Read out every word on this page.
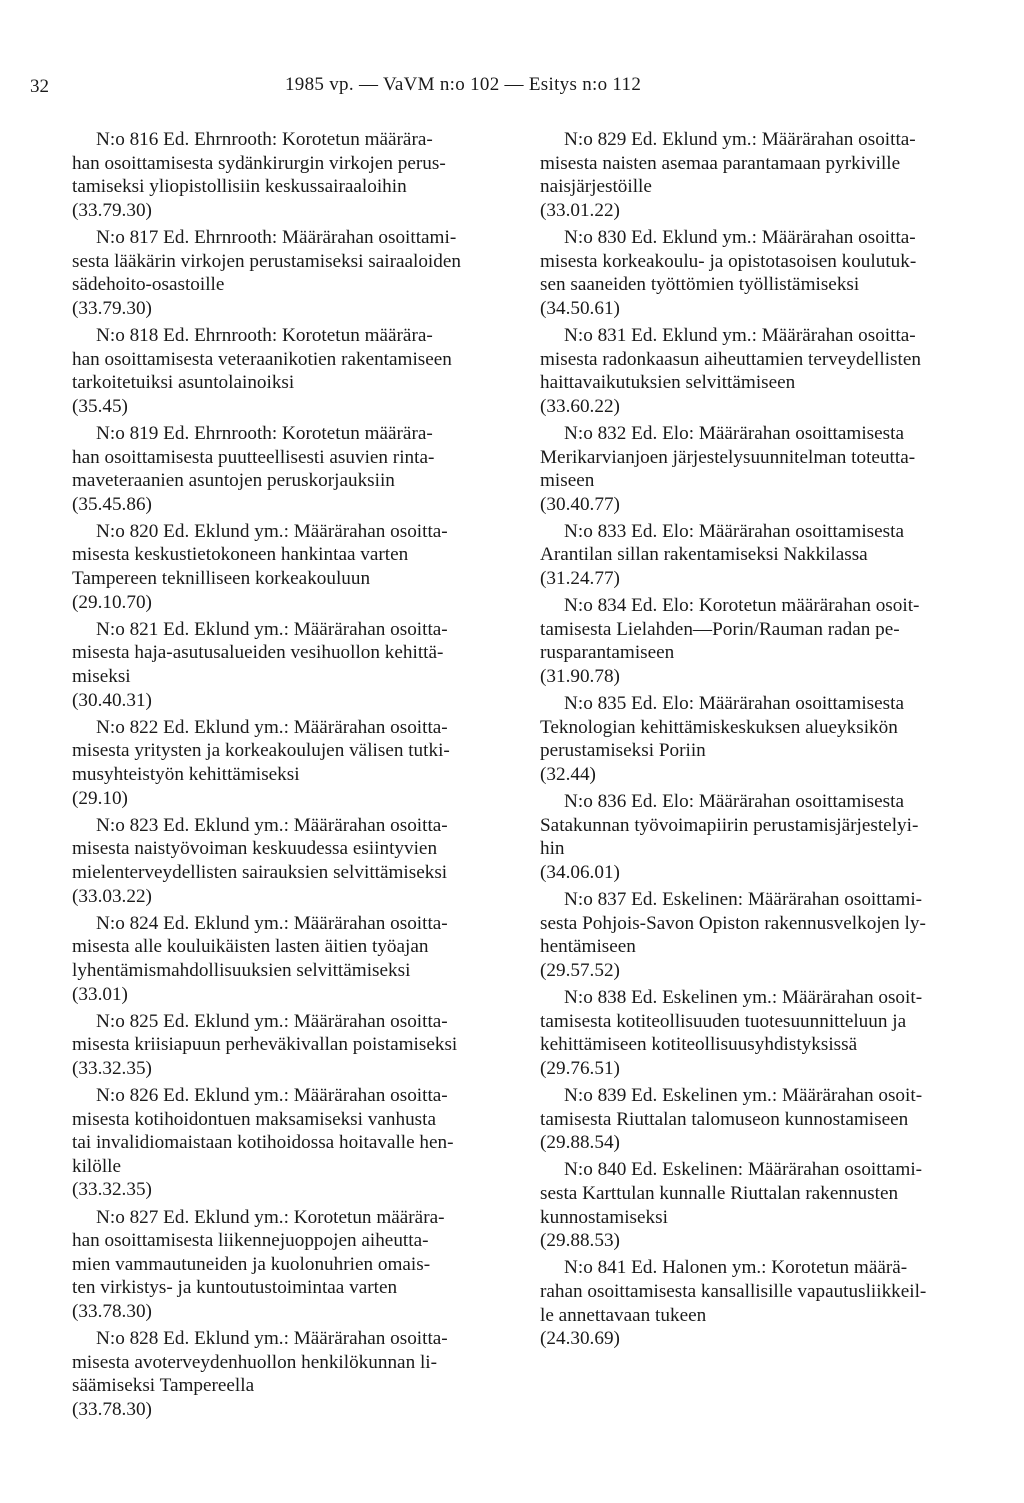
32	1985 vp. — VaVM n:o 102 — Esitys n:o 112

N:o 816 Ed. Ehrnrooth: Korotetun määrära-
han osoittamisesta sydänkirurgin virkojen perus-
tamiseksi yliopistollisiin keskussairaaloihin

(33.79.30)

N:o 817 Ed. Ehrnrooth: Määrärahan osoittami-
sesta lääkärin virkojen perustamiseksi sairaaloiden
sädehoito-osastoille

(33.79.30)

N:o 818 Ed. Ehrnrooth: Korotetun määrära-
han osoittamisesta veteraanikotien rakentamiseen
tarkoitetuiksi asuntolainoiksi

(35.45)

N:o 819 Ed. Ehrnrooth: Korotetun määrära-
han osoittamisesta puutteellisesti asuvien rinta-
maveteraanien asuntojen peruskorjauksiin

(35.45.86)

N:o 820 Ed. Eklund ym.: Määrärahan osoitta-
misesta keskustietokoneen hankintaa varten
Tampereen teknilliseen korkeakouluun

(29.10.70)

N:o 821 Ed. Eklund ym.: Määrärahan osoitta-
misesta haja-asutusalueiden vesihuollon kehittä-
miseksi

(30.40.31)

N:o 822 Ed. Eklund ym.: Määrärahan osoitta-
misesta yritysten ja korkeakoulujen välisen tutki-
musyhteistyön kehittämiseksi

(29.10)

N:o 823 Ed. Eklund ym.: Määrärahan osoitta-
misesta naistyövoiman keskuudessa esiintyvien
mielenterveydellisten sairauksien selvittämiseksi

(33.03.22)

N:o 824 Ed. Eklund ym.: Määrärahan osoitta-
misesta alle kouluikäisten lasten äitien työajan
lyhentämismahdollisuuksien selvittämiseksi

(33.01)

N:o 825 Ed. Eklund ym.: Määrärahan osoitta-
misesta kriisiapuun perheväkivallan poistamiseksi

(33.32.35)

N:o 826 Ed. Eklund ym.: Määrärahan osoitta-
misesta kotihoidontuen maksamiseksi vanhusta
tai invalidiomaistaan kotihoidossa hoitavalle hen-
kilölle

(33.32.35)

N:o 827 Ed. Eklund ym.: Korotetun määrära-
han osoittamisesta liikennejuoppojen aiheutta-
mien vammautuneiden ja kuolonuhrien omais-
ten virkistys- ja kuntoutustoimintaa varten

(33.78.30)

N:o 828 Ed. Eklund ym.: Määrärahan osoitta-
misesta avoterveydenhuollon henkilökunnan li-
säämiseksi Tampereella

(33.78.30)

N:o 829 Ed. Eklund ym.: Määrärahan osoitta-
misesta naisten asemaa parantamaan pyrkiville
naisjärjestöille

(33.01.22)

N:o 830 Ed. Eklund ym.: Määrärahan osoitta-
misesta korkeakoulu- ja opistotasoisen koulutuk-
sen saaneiden työttömien työllistämiseksi

(34.50.61)

N:o 831 Ed. Eklund ym.: Määrärahan osoitta-
misesta radonkaasun aiheuttamien terveydellisten
haittavaikutuksien selvittämiseen

(33.60.22)

N:o 832 Ed. Elo: Määrärahan osoittamisesta
Merikarvianjoen järjestelysuunnitelman toteutta-
miseen

(30.40.77)

N:o 833 Ed. Elo: Määrärahan osoittamisesta
Arantilan sillan rakentamiseksi Nakkilassa

(31.24.77)

N:o 834 Ed. Elo: Korotetun määrärahan osoit-
tamisesta Lielahden—Porin/Rauman radan pe-
rusparantamiseen

(31.90.78)

N:o 835 Ed. Elo: Määrärahan osoittamisesta
Teknologian kehittämiskeskuksen alueyksikön
perustamiseksi Poriin

(32.44)

N:o 836 Ed. Elo: Määrärahan osoittamisesta
Satakunnan työvoimapiirin perustamisjärjestelyi-
hin

(34.06.01)

N:o 837 Ed. Eskelinen: Määrärahan osoittami-
sesta Pohjois-Savon Opiston rakennusvelkojen ly-
hentämiseen

(29.57.52)

N:o 838 Ed. Eskelinen ym.: Määrärahan osoit-
tamisesta kotiteollisuuden tuotesuunnitteluun ja
kehittämiseen kotiteollisuusyhdistyksissä

(29.76.51)

N:o 839 Ed. Eskelinen ym.: Määrärahan osoit-
tamisesta Riuttalan talomuseon kunnostamiseen

(29.88.54)

N:o 840 Ed. Eskelinen: Määrärahan osoittami-
sesta Karttulan kunnalle Riuttalan rakennusten
kunnostamiseksi

(29.88.53)

N:o 841 Ed. Halonen ym.: Korotetun määrä-
rahan osoittamisesta kansallisille vapautusliikkeil-
le annettavaan tukeen

(24.30.69)
